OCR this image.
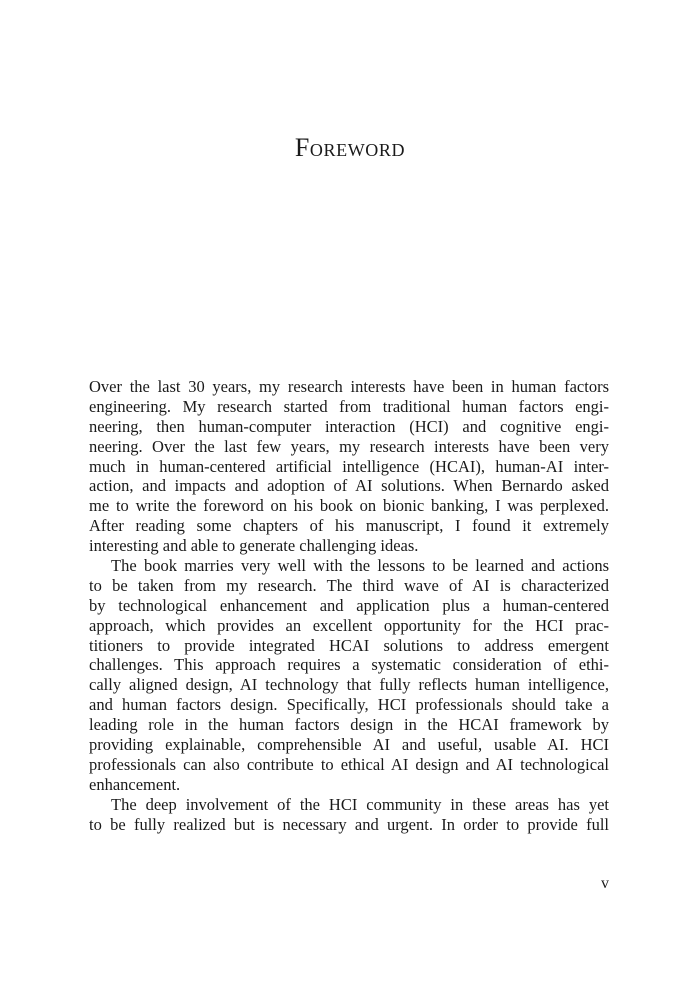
Foreword
Over the last 30 years, my research interests have been in human factors
engineering. My research started from traditional human factors engi-
neering, then human-computer interaction (HCI) and cognitive engi-
neering. Over the last few years, my research interests have been very
much in human-centered artificial intelligence (HCAI), human-AI inter-
action, and impacts and adoption of AI solutions. When Bernardo asked
me to write the foreword on his book on bionic banking, I was perplexed.
After reading some chapters of his manuscript, I found it extremely
interesting and able to generate challenging ideas.
The book marries very well with the lessons to be learned and actions
to be taken from my research. The third wave of AI is characterized
by technological enhancement and application plus a human-centered
approach, which provides an excellent opportunity for the HCI prac-
titioners to provide integrated HCAI solutions to address emergent
challenges. This approach requires a systematic consideration of ethi-
cally aligned design, AI technology that fully reflects human intelligence,
and human factors design. Specifically, HCI professionals should take a
leading role in the human factors design in the HCAI framework by
providing explainable, comprehensible AI and useful, usable AI. HCI
professionals can also contribute to ethical AI design and AI technological
enhancement.
The deep involvement of the HCI community in these areas has yet
to be fully realized but is necessary and urgent. In order to provide full
v
